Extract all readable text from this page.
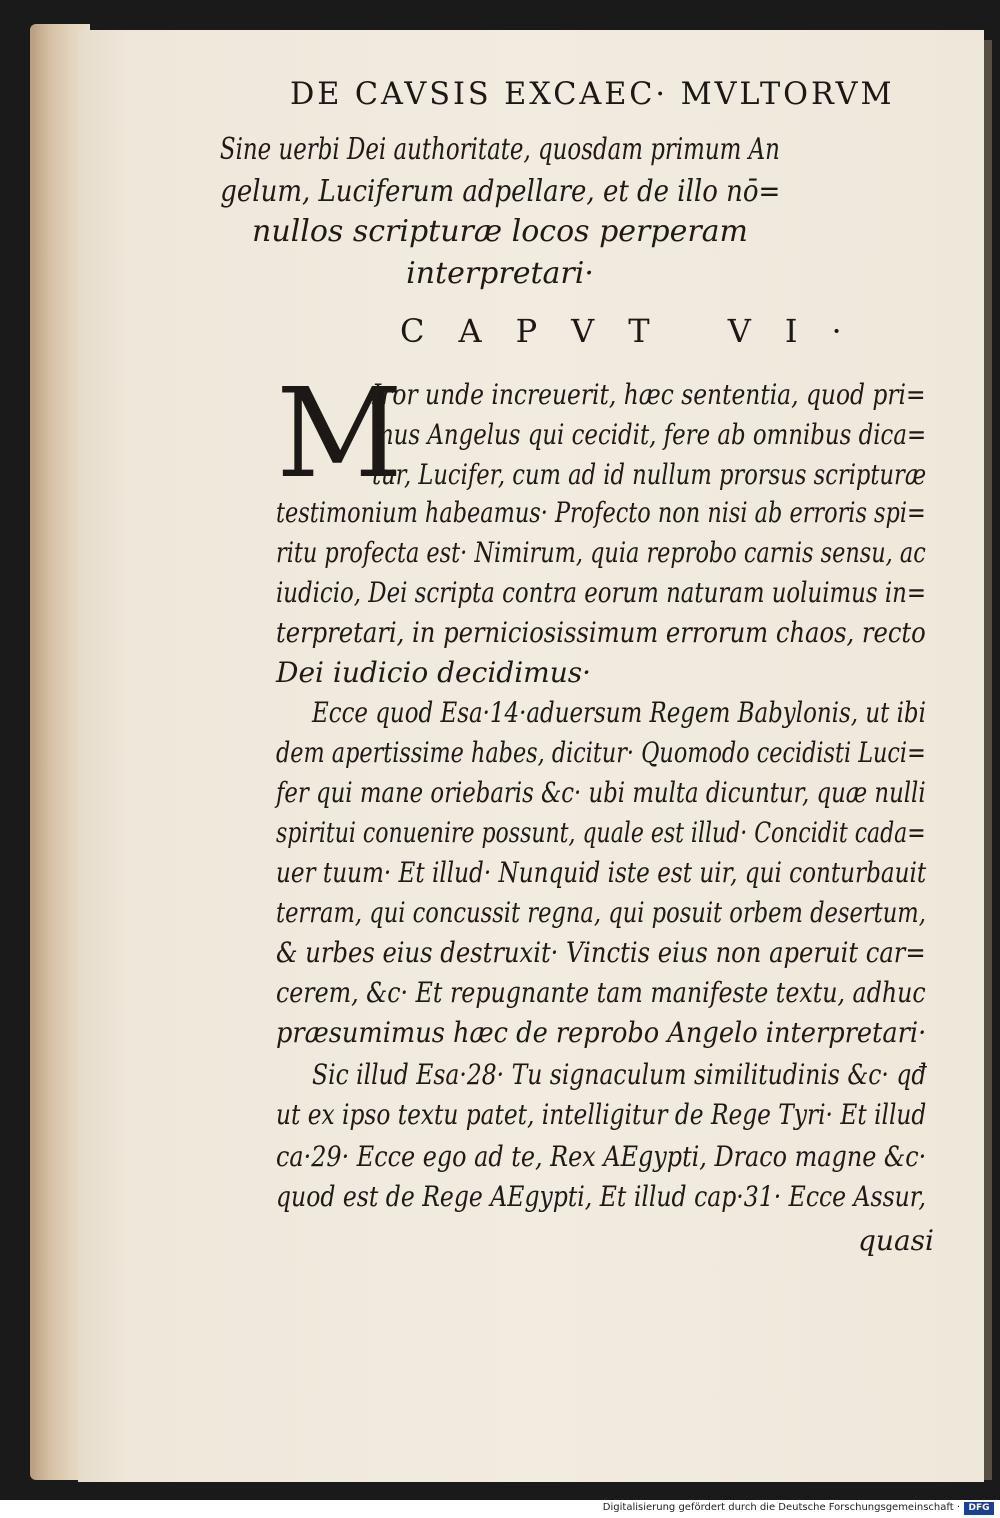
DE CAVSIS EXCAEC· MVLTORVM
Sine uerbi Dei authoritate, quosdam primum An
gelum, Luciferum adpellare, et de illo nō=
nullos scripturæ locos perperam
interpretari·
CAPVT VI·
M
Iror unde increuerit, hæc sententia, quod pri=
mus Angelus qui cecidit, fere ab omnibus dica=
tur, Lucifer, cum ad id nullum prorsus scripturæ
testimonium habeamus· Profecto non nisi ab erroris spi=
ritu profecta est· Nimirum, quia reprobo carnis sensu, ac
iudicio, Dei scripta contra eorum naturam uoluimus in=
terpretari, in perniciosissimum errorum chaos, recto
Dei iudicio decidimus·
Ecce quod Esa·14·aduersum Regem Babylonis, ut ibi
dem apertissime habes, dicitur· Quomodo cecidisti Luci=
fer qui mane oriebaris &c· ubi multa dicuntur, quæ nulli
spiritui conuenire possunt, quale est illud· Concidit cada=
uer tuum· Et illud· Nunquid iste est uir, qui conturbauit
terram, qui concussit regna, qui posuit orbem desertum,
& urbes eius destruxit· Vinctis eius non aperuit car=
cerem, &c· Et repugnante tam manifeste textu, adhuc
præsumimus hæc de reprobo Angelo interpretari·
Sic illud Esa·28· Tu signaculum similitudinis &c· qđ
ut ex ipso textu patet, intelligitur de Rege Tyri· Et illud
ca·29· Ecce ego ad te, Rex AEgypti, Draco magne &c·
quod est de Rege AEgypti, Et illud cap·31· Ecce Assur,
quasi
Digitalisierung gefördert durch die Deutsche Forschungsgemeinschaft · DFG
